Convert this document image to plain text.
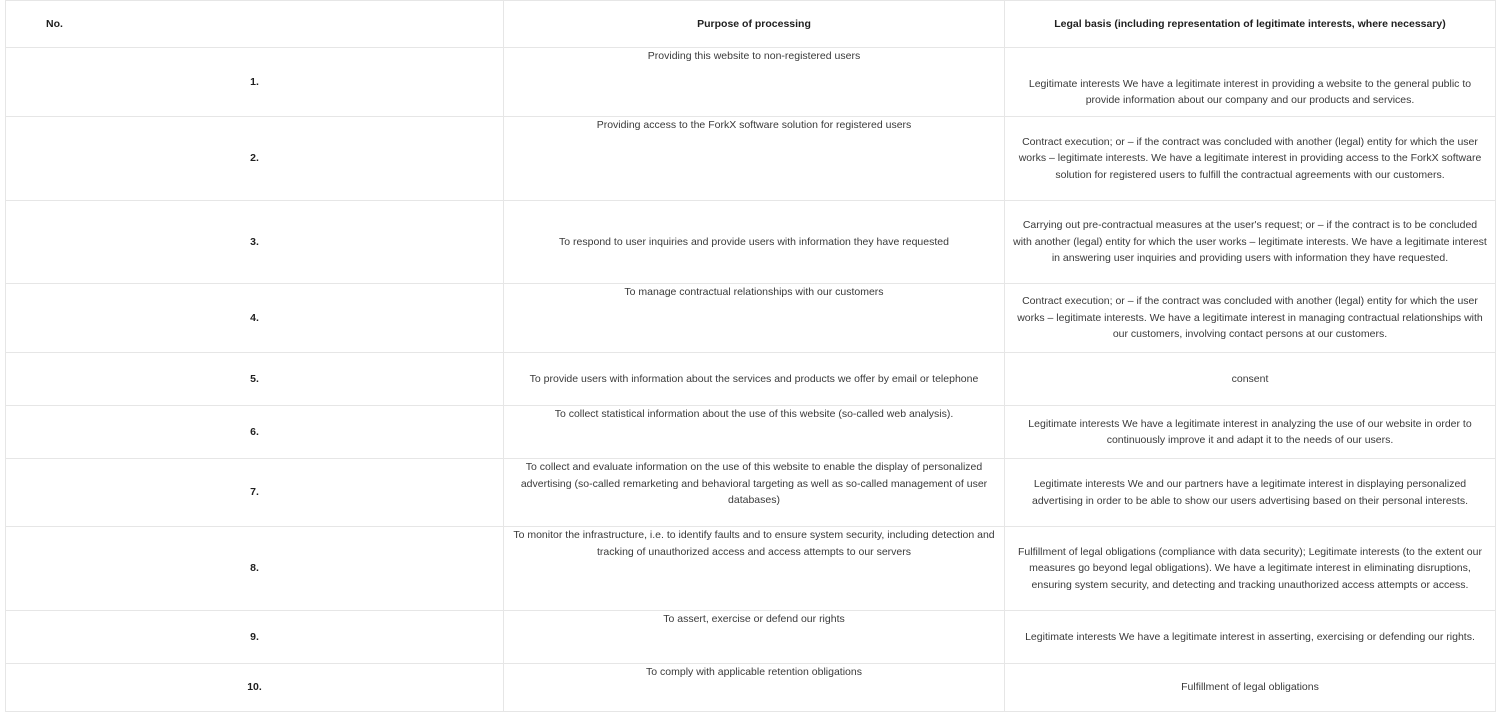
No.	Purpose of processing	Legal basis (including representation of legitimate interests, where necessary)
1.	Providing this website to non-registered users	Legitimate interests We have a legitimate interest in providing a website to the general public to provide information about our company and our products and services.
2.	Providing access to the ForkX software solution for registered users	Contract execution; or – if the contract was concluded with another (legal) entity for which the user works – legitimate interests. We have a legitimate interest in providing access to the ForkX software solution for registered users to fulfill the contractual agreements with our customers.
3.	To respond to user inquiries and provide users with information they have requested	Carrying out pre-contractual measures at the user's request; or – if the contract is to be concluded with another (legal) entity for which the user works – legitimate interests. We have a legitimate interest in answering user inquiries and providing users with information they have requested.
4.	To manage contractual relationships with our customers	Contract execution; or – if the contract was concluded with another (legal) entity for which the user works – legitimate interests. We have a legitimate interest in managing contractual relationships with our customers, involving contact persons at our customers.
5.	To provide users with information about the services and products we offer by email or telephone	consent
6.	To collect statistical information about the use of this website (so-called web analysis).	Legitimate interests We have a legitimate interest in analyzing the use of our website in order to continuously improve it and adapt it to the needs of our users.
7.	To collect and evaluate information on the use of this website to enable the display of personalized advertising (so-called remarketing and behavioral targeting as well as so-called management of user databases)	Legitimate interests We and our partners have a legitimate interest in displaying personalized advertising in order to be able to show our users advertising based on their personal interests.
8.	To monitor the infrastructure, i.e. to identify faults and to ensure system security, including detection and tracking of unauthorized access and access attempts to our servers	Fulfillment of legal obligations (compliance with data security); Legitimate interests (to the extent our measures go beyond legal obligations). We have a legitimate interest in eliminating disruptions, ensuring system security, and detecting and tracking unauthorized access attempts or access.
9.	To assert, exercise or defend our rights	Legitimate interests We have a legitimate interest in asserting, exercising or defending our rights.
10.	To comply with applicable retention obligations	Fulfillment of legal obligations
